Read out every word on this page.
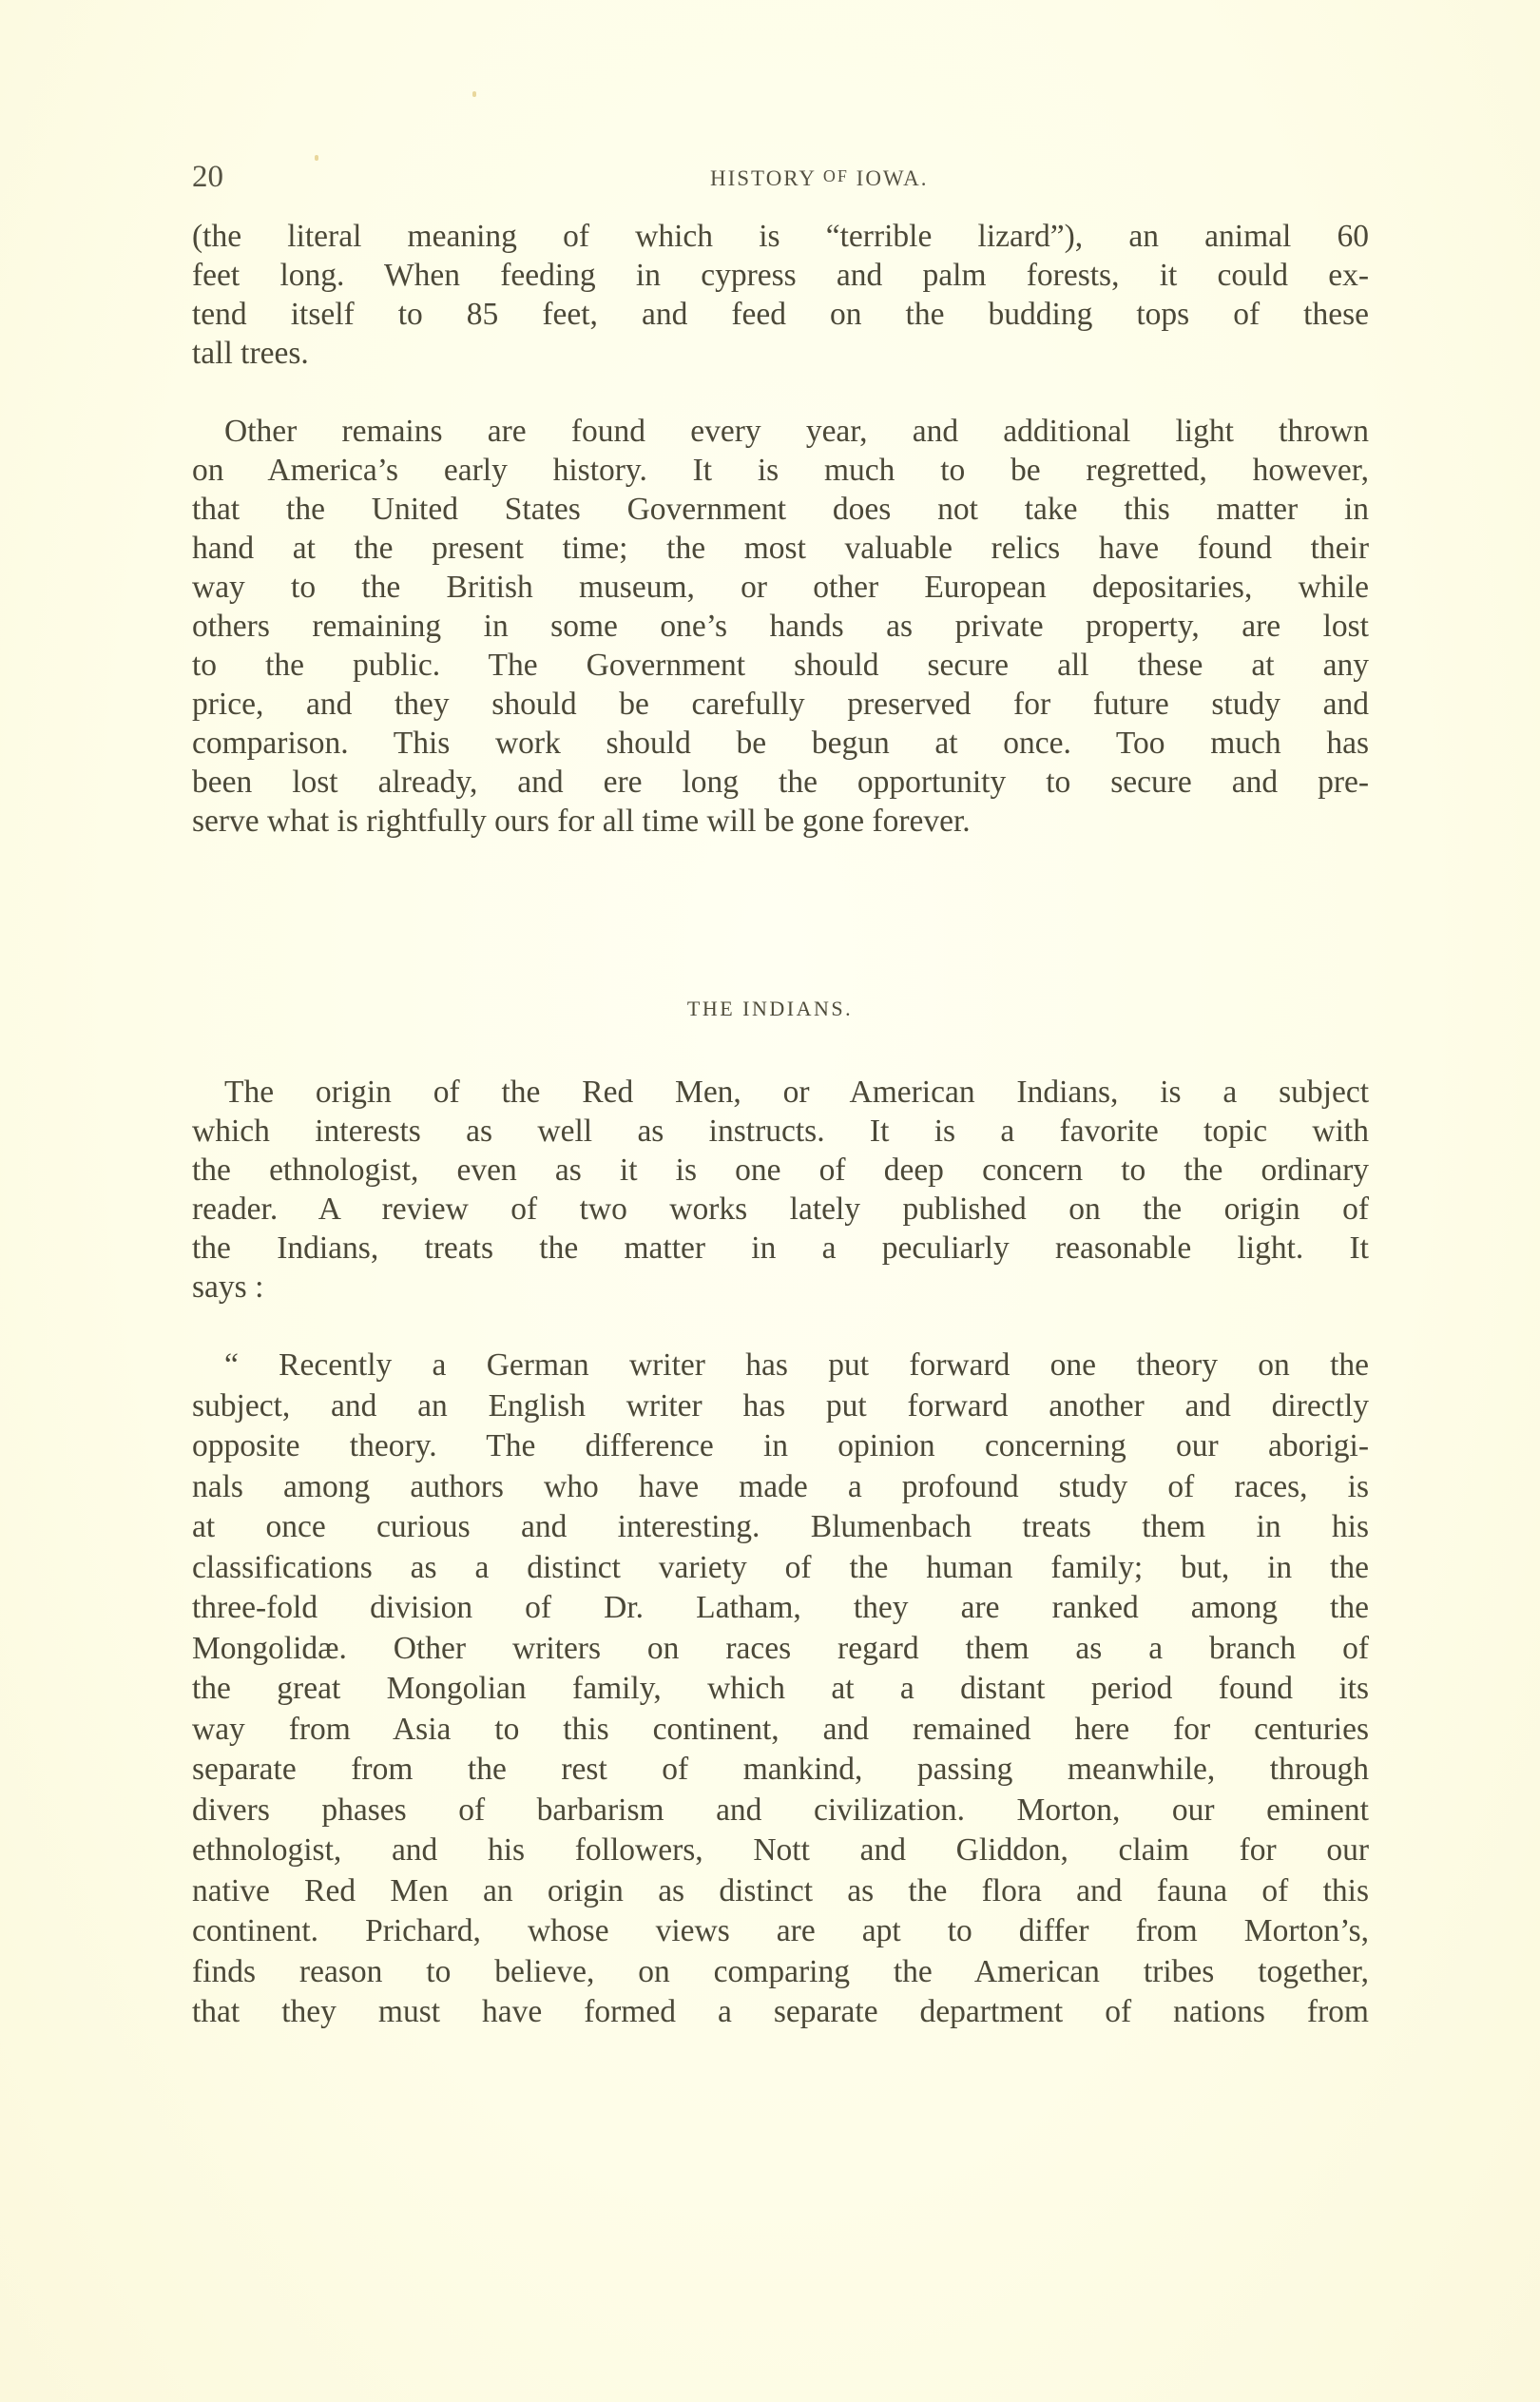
20	HISTORY OF IOWA.
(the literal meaning of which is “terrible lizard”), an animal 60
feet long. When feeding in cypress and palm forests, it could ex-
tend itself to 85 feet, and feed on the budding tops of these
tall trees.
Other remains are found every year, and additional light thrown
on America’s early history. It is much to be regretted, however,
that the United States Government does not take this matter in
hand at the present time; the most valuable relics have found their
way to the British museum, or other European depositaries, while
others remaining in some one’s hands as private property, are lost
to the public. The Government should secure all these at any
price, and they should be carefully preserved for future study and
comparison. This work should be begun at once. Too much has
been lost already, and ere long the opportunity to secure and pre-
serve what is rightfully ours for all time will be gone forever.
THE INDIANS.
The origin of the Red Men, or American Indians, is a subject
which interests as well as instructs. It is a favorite topic with
the ethnologist, even as it is one of deep concern to the ordinary
reader. A review of two works lately published on the origin of
the Indians, treats the matter in a peculiarly reasonable light. It
says :
“ Recently a German writer has put forward one theory on the
subject, and an English writer has put forward another and directly
opposite theory. The difference in opinion concerning our aborigi-
nals among authors who have made a profound study of races, is
at once curious and interesting. Blumenbach treats them in his
classifications as a distinct variety of the human family; but, in the
three-fold division of Dr. Latham, they are ranked among the
Mongolidæ. Other writers on races regard them as a branch of
the great Mongolian family, which at a distant period found its
way from Asia to this continent, and remained here for centuries
separate from the rest of mankind, passing meanwhile, through
divers phases of barbarism and civilization. Morton, our eminent
ethnologist, and his followers, Nott and Gliddon, claim for our
native Red Men an origin as distinct as the flora and fauna of this
continent. Prichard, whose views are apt to differ from Morton’s,
finds reason to believe, on comparing the American tribes together,
that they must have formed a separate department of nations from
